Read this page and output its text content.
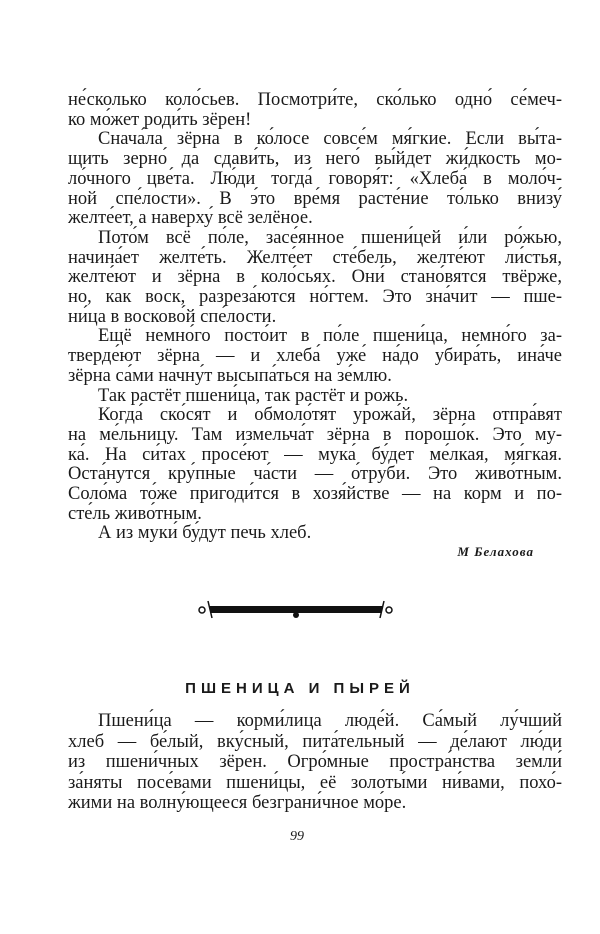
не́сколько коло́сьев. Посмотри́те, ско́лько одно́ се́меч-
ко мо́жет роди́ть зёрен!
Снача́ла зёрна в ко́лосе совсе́м мя́гкие. Если вы́та-
щить зерно́ да сдави́ть, из него́ вы́йдет жи́дкость мо-
ло́чного цве́та. Лю́ди тогда́ говоря́т: «Хлеба́ в моло́ч-
ной спе́лости». В э́то вре́мя расте́ние то́лько внизу́
желте́ет, а наверху́ всё зелёное.
Пото́м всё по́ле, засе́янное пшени́цей и́ли ро́жью,
начина́ет желте́ть. Желте́ет сте́бель, желте́ют ли́стья,
желте́ют и зёрна в коло́сьях. Они́ стано́вятся твёрже,
но, как воск, разреза́ются но́гтем. Это зна́чит — пше-
ни́ца в восково́й спе́лости.
Ещё немно́го посто́ит в по́ле пшени́ца, немно́го за-
тверде́ют зёрна — и хлеба́ уже́ на́до убира́ть, ина́че
зёрна са́ми начну́т высыпа́ться на зе́млю.
Так растёт пшени́ца, так растёт и рожь.
Когда́ ско́сят и обмоло́тят урожа́й, зёрна отпра́вят
на ме́льницу. Там измельча́т зёрна в порошо́к. Это му-
ка́. На си́тах просе́ют — мука́ бу́дет ме́лкая, мя́гкая.
Оста́нутся кру́пные ча́сти — о́труби. Это живо́тным.
Соло́ма то́же пригоди́тся в хозя́йстве — на корм и по-
сте́ль живо́тным.
А из муки́ бу́дут печь хлеб.
М Белахова
ПШЕНИЦА И ПЫРЕЙ
Пшени́ца — корми́лица люде́й. Са́мый лу́чший
хлеб — бе́лый, вку́сный, пита́тельный — де́лают лю́ди
из пшени́чных зёрен. Огро́мные простра́нства земли́
за́няты посе́вами пшени́цы, её золоты́ми ни́вами, похо́-
жими на волну́ющееся безграни́чное мо́ре.
99
